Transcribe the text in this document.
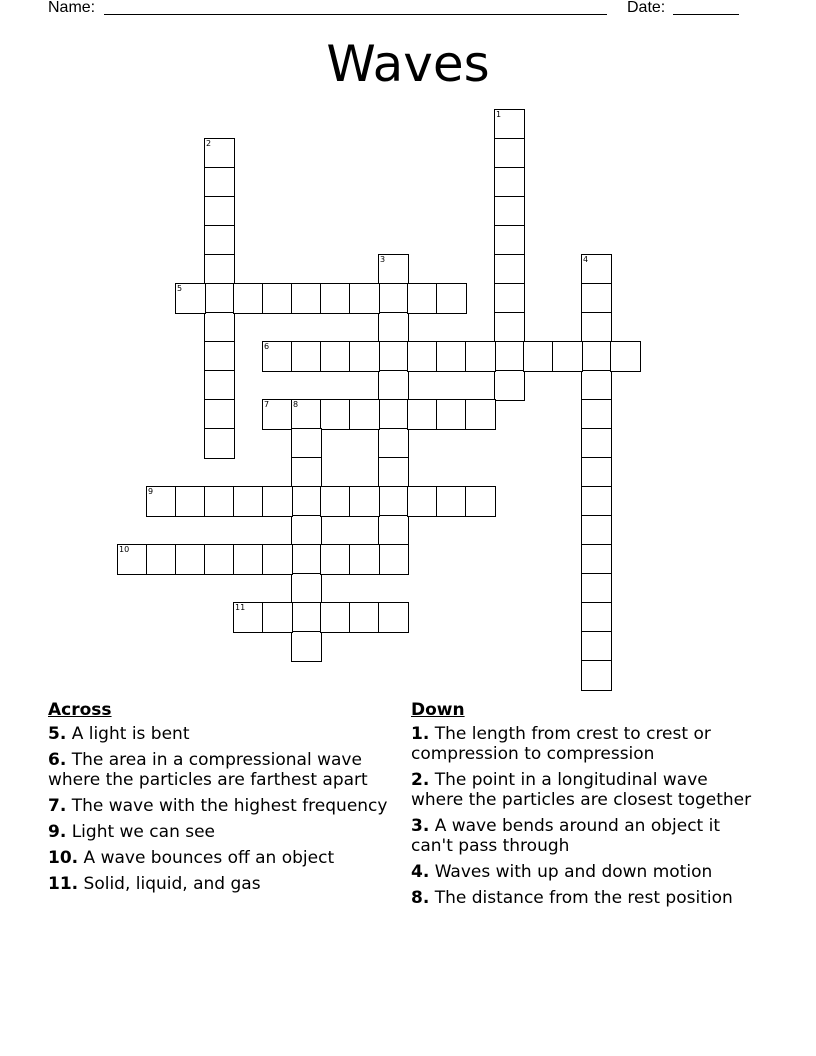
Name:	Date:
Waves
1
2
3	4
5
6
7	8
9
10
11
Across
5. A light is bent
6. The area in a compressional wave where the particles are farthest apart
7. The wave with the highest frequency
9. Light we can see
10. A wave bounces off an object
11. Solid, liquid, and gas
Down
1. The length from crest to crest or compression to compression
2. The point in a longitudinal wave where the particles are closest together
3. A wave bends around an object it can't pass through
4. Waves with up and down motion
8. The distance from the rest position
